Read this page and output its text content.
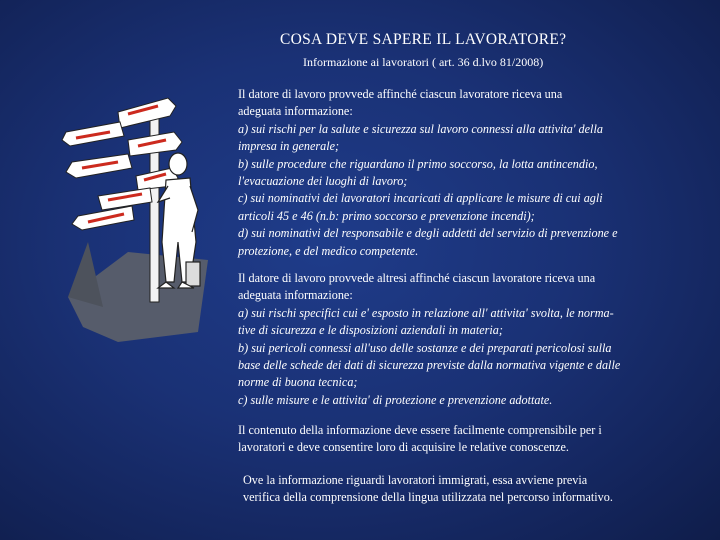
COSA DEVE SAPERE IL LAVORATORE?
Informazione ai lavoratori ( art. 36 d.lvo 81/2008)
Il datore di lavoro provvede affinché ciascun lavoratore riceva una
adeguata informazione:
a) sui rischi per la salute e sicurezza sul lavoro connessi alla attivita' della
impresa in generale;
b) sulle procedure che riguardano il primo soccorso, la lotta antincendio,
l'evacuazione dei luoghi di lavoro;
c) sui nominativi dei lavoratori incaricati di applicare le misure di cui agli
articoli 45 e 46 (n.b: primo soccorso e prevenzione incendi);
d) sui nominativi del responsabile e degli addetti del servizio di prevenzione e
protezione, e del medico competente.
Il datore di lavoro provvede altresi affinché ciascun lavoratore riceva una
adeguata informazione:
a) sui rischi specifici cui e' esposto in relazione all' attivita' svolta, le norma-
tive di sicurezza e le disposizioni aziendali in materia;
b) sui pericoli connessi all'uso delle sostanze e dei preparati pericolosi sulla
base delle schede dei dati di sicurezza previste dalla normativa vigente e dalle
norme di buona tecnica;
c) sulle misure e le attivita' di protezione e prevenzione adottate.
Il contenuto della informazione deve essere facilmente comprensibile per i
lavoratori e deve consentire loro di acquisire le relative conoscenze.
Ove la informazione riguardi lavoratori immigrati, essa avviene previa
verifica della comprensione della lingua utilizzata nel percorso informativo.
